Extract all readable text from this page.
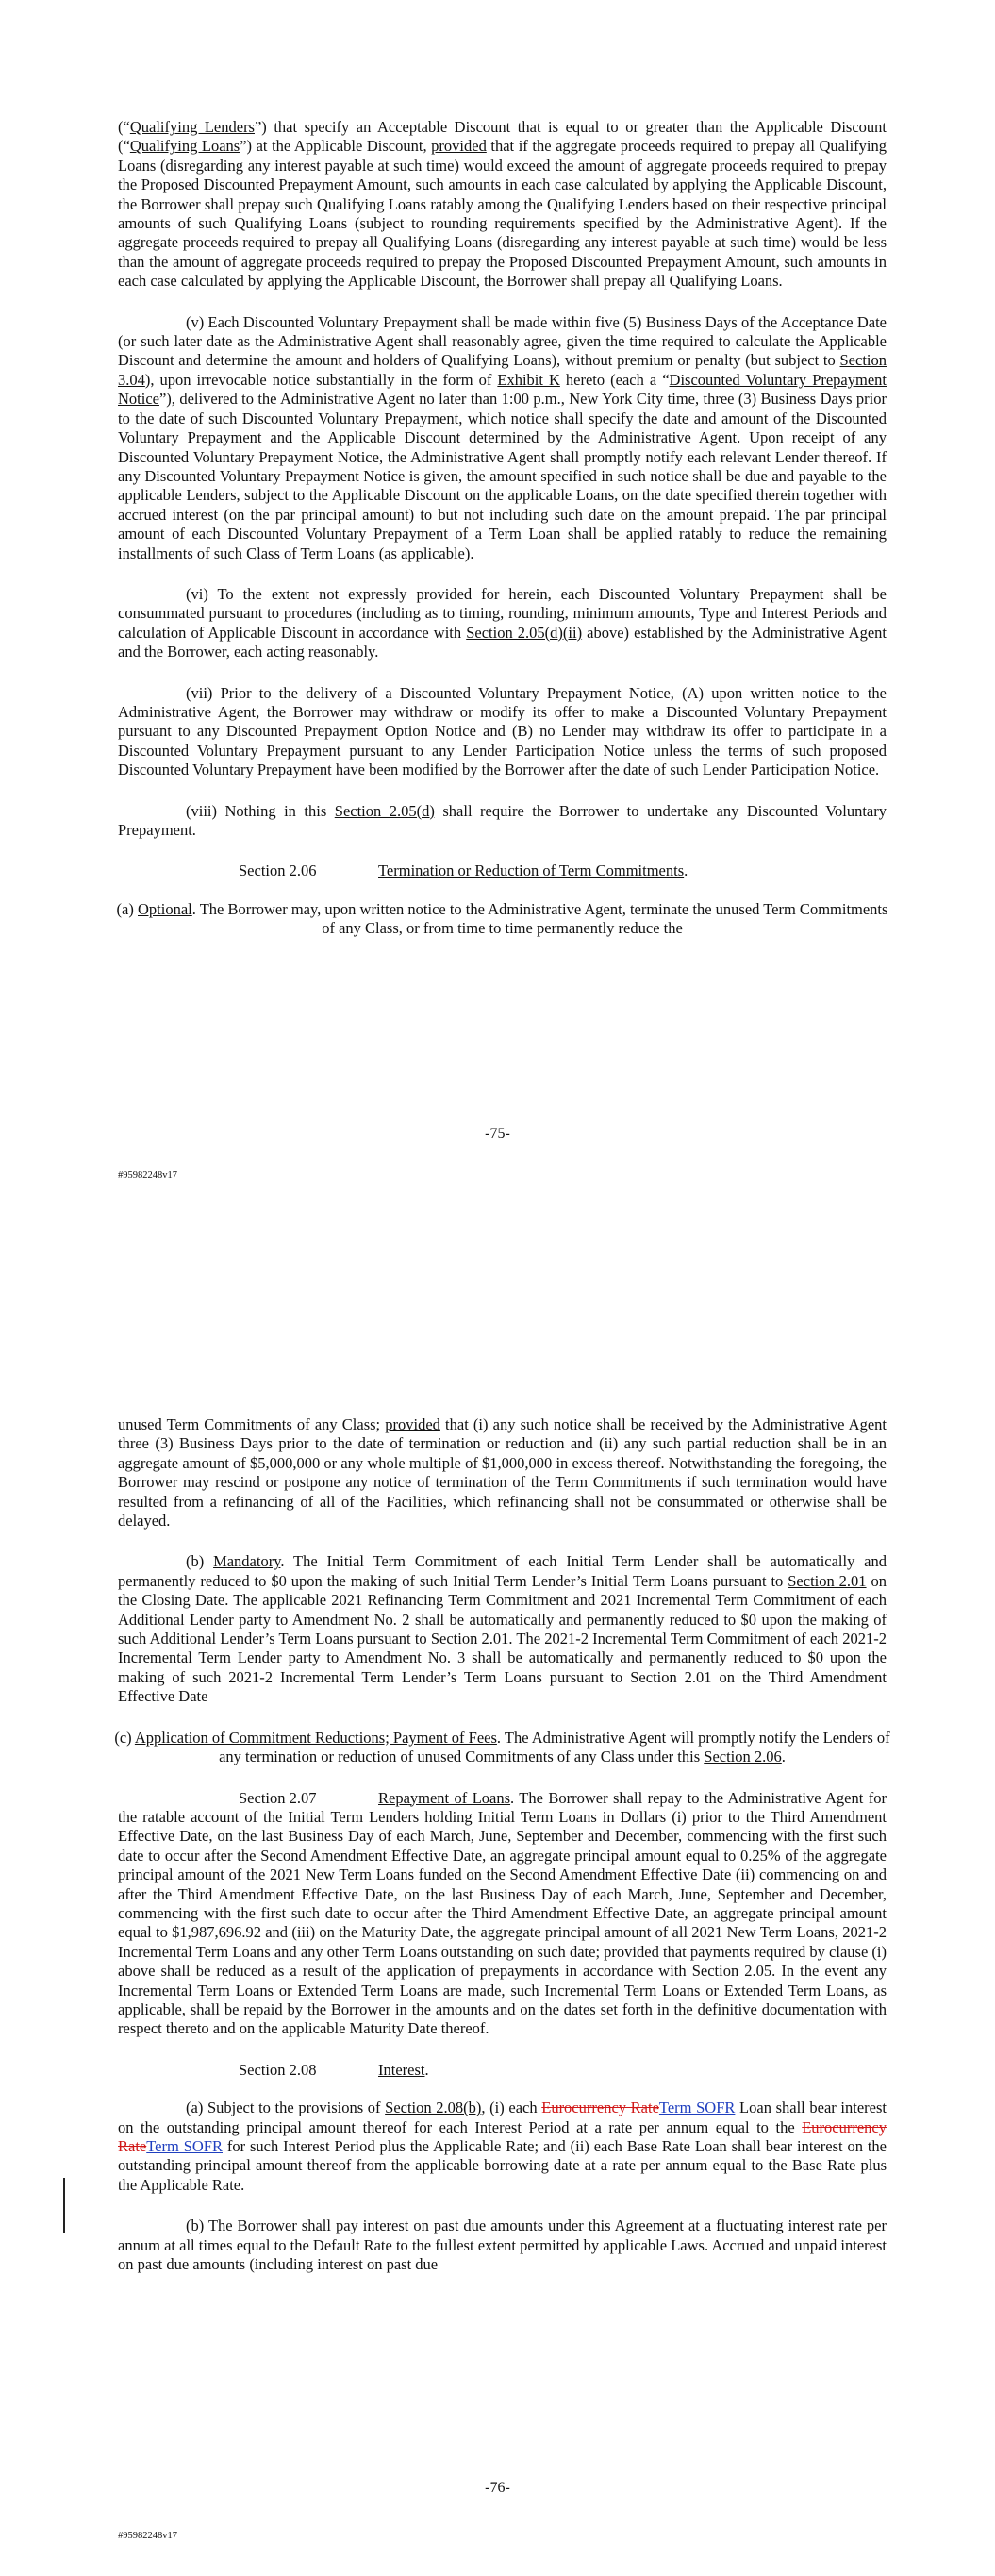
(“Qualifying Lenders”) that specify an Acceptable Discount that is equal to or greater than the Applicable Discount (“Qualifying Loans”) at the Applicable Discount, provided that if the aggregate proceeds required to prepay all Qualifying Loans (disregarding any interest payable at such time) would exceed the amount of aggregate proceeds required to prepay the Proposed Discounted Prepayment Amount, such amounts in each case calculated by applying the Applicable Discount, the Borrower shall prepay such Qualifying Loans ratably among the Qualifying Lenders based on their respective principal amounts of such Qualifying Loans (subject to rounding requirements specified by the Administrative Agent). If the aggregate proceeds required to prepay all Qualifying Loans (disregarding any interest payable at such time) would be less than the amount of aggregate proceeds required to prepay the Proposed Discounted Prepayment Amount, such amounts in each case calculated by applying the Applicable Discount, the Borrower shall prepay all Qualifying Loans.

(v) Each Discounted Voluntary Prepayment shall be made within five (5) Business Days of the Acceptance Date (or such later date as the Administrative Agent shall reasonably agree, given the time required to calculate the Applicable Discount and determine the amount and holders of Qualifying Loans), without premium or penalty (but subject to Section 3.04), upon irrevocable notice substantially in the form of Exhibit K hereto (each a “Discounted Voluntary Prepayment Notice”), delivered to the Administrative Agent no later than 1:00 p.m., New York City time, three (3) Business Days prior to the date of such Discounted Voluntary Prepayment, which notice shall specify the date and amount of the Discounted Voluntary Prepayment and the Applicable Discount determined by the Administrative Agent. Upon receipt of any Discounted Voluntary Prepayment Notice, the Administrative Agent shall promptly notify each relevant Lender thereof. If any Discounted Voluntary Prepayment Notice is given, the amount specified in such notice shall be due and payable to the applicable Lenders, subject to the Applicable Discount on the applicable Loans, on the date specified therein together with accrued interest (on the par principal amount) to but not including such date on the amount prepaid. The par principal amount of each Discounted Voluntary Prepayment of a Term Loan shall be applied ratably to reduce the remaining installments of such Class of Term Loans (as applicable).

(vi) To the extent not expressly provided for herein, each Discounted Voluntary Prepayment shall be consummated pursuant to procedures (including as to timing, rounding, minimum amounts, Type and Interest Periods and calculation of Applicable Discount in accordance with Section 2.05(d)(ii) above) established by the Administrative Agent and the Borrower, each acting reasonably.

(vii) Prior to the delivery of a Discounted Voluntary Prepayment Notice, (A) upon written notice to the Administrative Agent, the Borrower may withdraw or modify its offer to make a Discounted Voluntary Prepayment pursuant to any Discounted Prepayment Option Notice and (B) no Lender may withdraw its offer to participate in a Discounted Voluntary Prepayment pursuant to any Lender Participation Notice unless the terms of such proposed Discounted Voluntary Prepayment have been modified by the Borrower after the date of such Lender Participation Notice.

(viii) Nothing in this Section 2.05(d) shall require the Borrower to undertake any Discounted Voluntary Prepayment.

Section 2.06	Termination or Reduction of Term Commitments.

(a) Optional. The Borrower may, upon written notice to the Administrative Agent, terminate the unused Term Commitments of any Class, or from time to time permanently reduce the

-75-
#95982248v17

unused Term Commitments of any Class; provided that (i) any such notice shall be received by the Administrative Agent three (3) Business Days prior to the date of termination or reduction and (ii) any such partial reduction shall be in an aggregate amount of $5,000,000 or any whole multiple of $1,000,000 in excess thereof. Notwithstanding the foregoing, the Borrower may rescind or postpone any notice of termination of the Term Commitments if such termination would have resulted from a refinancing of all of the Facilities, which refinancing shall not be consummated or otherwise shall be delayed.

(b) Mandatory. The Initial Term Commitment of each Initial Term Lender shall be automatically and permanently reduced to $0 upon the making of such Initial Term Lender’s Initial Term Loans pursuant to Section 2.01 on the Closing Date. The applicable 2021 Refinancing Term Commitment and 2021 Incremental Term Commitment of each Additional Lender party to Amendment No. 2 shall be automatically and permanently reduced to $0 upon the making of such Additional Lender’s Term Loans pursuant to Section 2.01. The 2021-2 Incremental Term Commitment of each 2021-2 Incremental Term Lender party to Amendment No. 3 shall be automatically and permanently reduced to $0 upon the making of such 2021-2 Incremental Term Lender’s Term Loans pursuant to Section 2.01 on the Third Amendment Effective Date

(c) Application of Commitment Reductions; Payment of Fees. The Administrative Agent will promptly notify the Lenders of any termination or reduction of unused Commitments of any Class under this Section 2.06.

Section 2.07	Repayment of Loans. The Borrower shall repay to the Administrative Agent for the ratable account of the Initial Term Lenders holding Initial Term Loans in Dollars (i) prior to the Third Amendment Effective Date, on the last Business Day of each March, June, September and December, commencing with the first such date to occur after the Second Amendment Effective Date, an aggregate principal amount equal to 0.25% of the aggregate principal amount of the 2021 New Term Loans funded on the Second Amendment Effective Date (ii) commencing on and after the Third Amendment Effective Date, on the last Business Day of each March, June, September and December, commencing with the first such date to occur after the Third Amendment Effective Date, an aggregate principal amount equal to $1,987,696.92 and (iii) on the Maturity Date, the aggregate principal amount of all 2021 New Term Loans, 2021-2 Incremental Term Loans and any other Term Loans outstanding on such date; provided that payments required by clause (i) above shall be reduced as a result of the application of prepayments in accordance with Section 2.05. In the event any Incremental Term Loans or Extended Term Loans are made, such Incremental Term Loans or Extended Term Loans, as applicable, shall be repaid by the Borrower in the amounts and on the dates set forth in the definitive documentation with respect thereto and on the applicable Maturity Date thereof.

Section 2.08	Interest.

(a) Subject to the provisions of Section 2.08(b), (i) each Eurocurrency RateTerm SOFR Loan shall bear interest on the outstanding principal amount thereof for each Interest Period at a rate per annum equal to the Eurocurrency RateTerm SOFR for such Interest Period plus the Applicable Rate; and (ii) each Base Rate Loan shall bear interest on the outstanding principal amount thereof from the applicable borrowing date at a rate per annum equal to the Base Rate plus the Applicable Rate.

(b) The Borrower shall pay interest on past due amounts under this Agreement at a fluctuating interest rate per annum at all times equal to the Default Rate to the fullest extent permitted by applicable Laws. Accrued and unpaid interest on past due amounts (including interest on past due

-76-
#95982248v17
